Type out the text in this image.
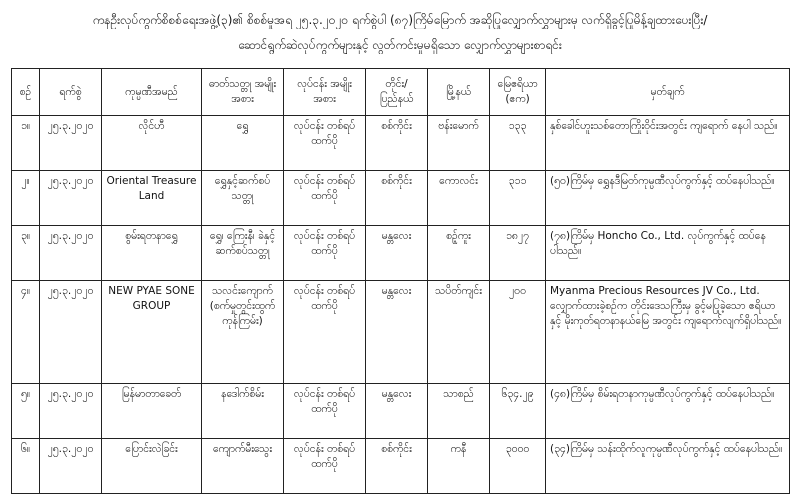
ကနဦးလုပ်ကွက်စိစစ်ရေးအဖွဲ့(၃)၏ စိစစ်မှုအရ ၂၅.၃.၂၀၂၀ ရက်စွဲပါ (၈၇)ကြိမ်မြောက် အဆိုပြုလျှောက်လွှာများမှ လက်ရှိခွင့်ပြုမိန့်ချထားပေးပြီး/
ဆောင်ရွက်ဆဲလုပ်ကွက်များနှင့် လွတ်ကင်းမှုမရှိသော လျှောက်လွှာများစာရင်း
စဉ်	ရက်စွဲ	ကုမ္ပဏီအမည်	ဓာတ်သတ္တု အမျိုးအစား	လုပ်ငန်း အမျိုးအစား	တိုင်း/ ပြည်နယ်	မြို့နယ်	မြေဧရိယာ (ဧက)	မှတ်ချက်
၁။	၂၅.၃.၂၀၂၀	လိုင်ဟီ	ရွှေ	လုပ်ငန်း တစ်ရပ်ထက်ပို	စစ်ကိုင်း	ဗန်းမောက်	၁၃၃	နှစ်ခေါင်ဟူးသစ်တောကြိုးဝိုင်းအတွင်း ကျရောက် နေပါ သည်။
၂။	၂၅.၃.၂၀၂၀	Oriental Treasure Land	ရွှေနှင့်ဆက်စပ် သတ္တု	လုပ်ငန်း တစ်ရပ်ထက်ပို	စစ်ကိုင်း	ကောလင်း	၃၁၁	(၅၀)ကြိမ်မှ ရွှေနဒီမြတ်ကုမ္ပဏီလုပ်ကွက်နှင့် ထပ်နေပါသည်။
၃။	၂၅.၃.၂၀၂၀	စွမ်းရတနာရွှေ	ရွှေ၊ ကြေးနီ၊ ခဲနှင့် ဆက်စပ်သတ္တု	လုပ်ငန်း တစ်ရပ်ထက်ပို	မန္တလေး	စဉ့်ကူး	၁၈၂၇	(၇၈)ကြိမ်မှ Honcho Co., Ltd. လုပ်ကွက်နှင့် ထပ်နေပါသည်။
၄။	၂၅.၃.၂၀၂၀	NEW PYAE SONE GROUP	သလင်းကျောက် (စက်မှုတွင်းထွက် ကုန်ကြမ်း)	လုပ်ငန်း တစ်ရပ်ထက်ပို	မန္တလေး	သပိတ်ကျင်း	၂၀၀	Myanma Precious Resources JV Co., Ltd. လျှောက်ထားခဲ့စဉ်က တိုင်းဒေသကြီးမှ ခွင့်မပြုခဲ့သော ဧရိယာနှင့် မိုးကုတ်ရတနာနယ်မြေ အတွင်း ကျရောက်လျက်ရှိပါသည်။
၅။	၂၅.၃.၂၀၂၀	မြန်မာတာခေတ်	နဒေါက်စိမ်း	လုပ်ငန်း တစ်ရပ်ထက်ပို	မန္တလေး	သာစည်	၆၃၄.၂၉	(၄၈)ကြိမ်မှ စိမ်းရတနာကုမ္ပဏီလုပ်ကွက်နှင့် ထပ်နေပါသည်။
၆။	၂၅.၃.၂၀၂၀	ပြောင်းလဲခြင်း	ကျောက်မီးသွေး	လုပ်ငန်း တစ်ရပ်ထက်ပို	စစ်ကိုင်း	ကနီ	၃၀၀၀	(၃၄)ကြိမ်မှ သန်းထိုက်လူကုမ္ပဏီလုပ်ကွက်နှင့် ထပ်နေပါသည်။
